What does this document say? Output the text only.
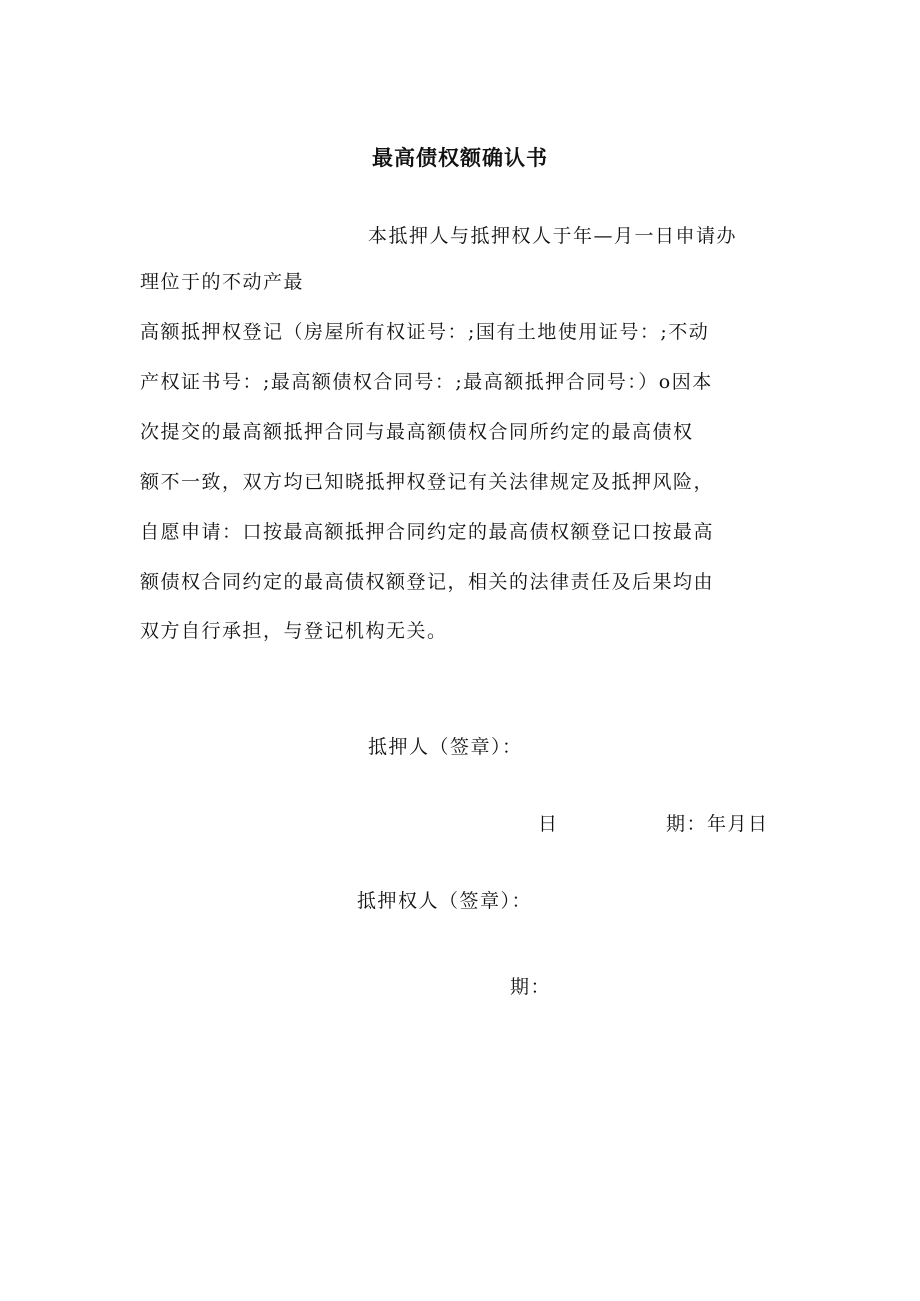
最高债权额确认书
本抵押人与抵押权人于年—月一日申请办
理位于的不动产最
高额抵押权登记（房屋所有权证号：;国有土地使用证号：;不动
产权证书号：;最高额债权合同号：;最高额抵押合同号：）o因本
次提交的最高额抵押合同与最高额债权合同所约定的最高债权
额不一致，双方均已知晓抵押权登记有关法律规定及抵押风险，
自愿申请：口按最高额抵押合同约定的最高债权额登记口按最高
额债权合同约定的最高债权额登记，相关的法律责任及后果均由
双方自行承担，与登记机构无关。
抵押人（签章）：
日	期：年月日
抵押权人（签章）：
期：
